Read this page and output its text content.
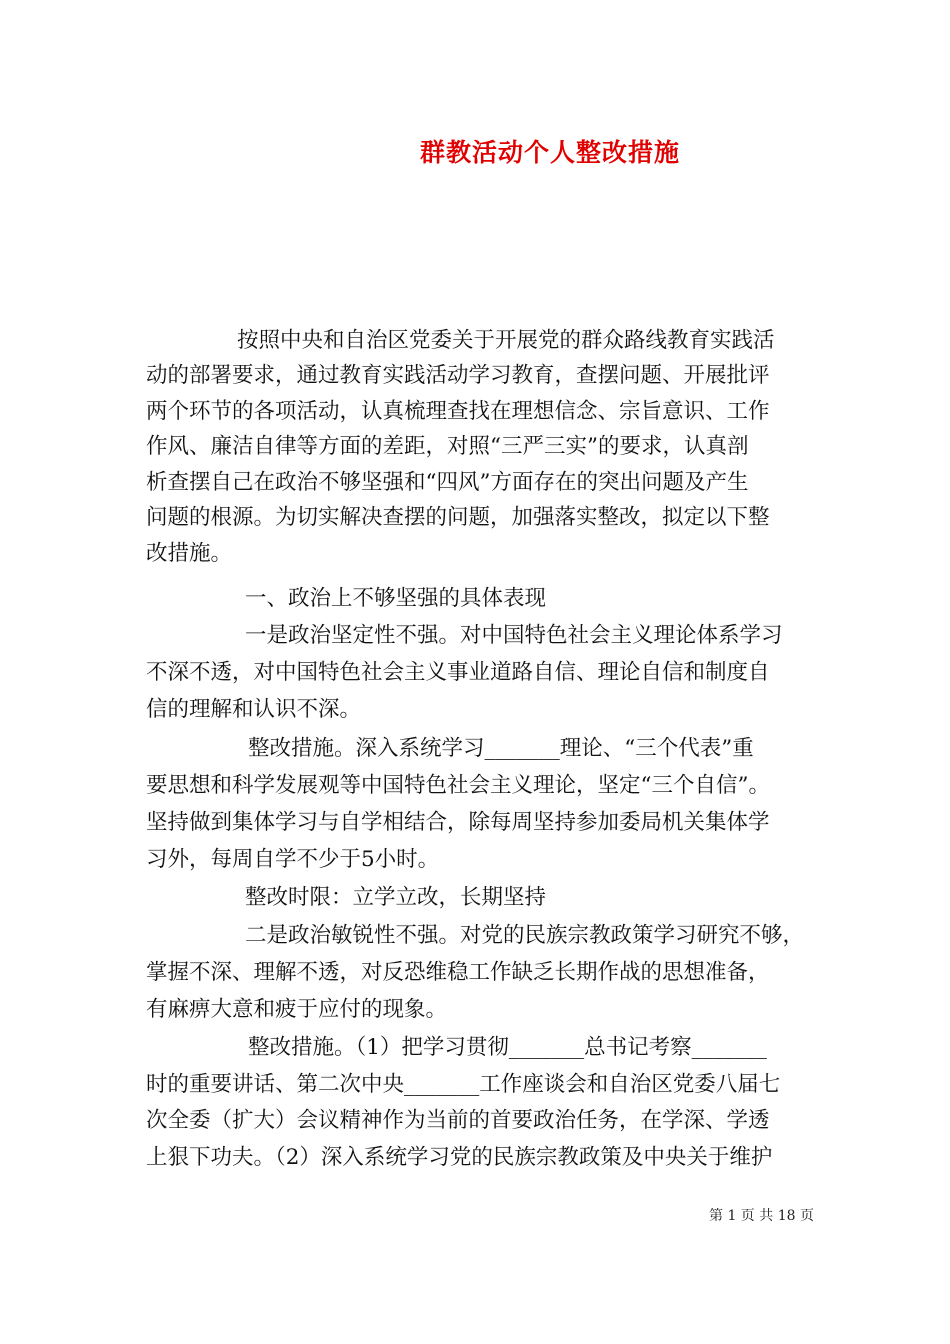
群教活动个人整改措施
按照中央和自治区党委关于开展党的群众路线教育实践活
动的部署要求，通过教育实践活动学习教育，查摆问题、开展批评
两个环节的各项活动，认真梳理查找在理想信念、宗旨意识、工作
作风、廉洁自律等方面的差距，对照“三严三实”的要求，认真剖
析查摆自己在政治不够坚强和“四风”方面存在的突出问题及产生
问题的根源。为切实解决查摆的问题，加强落实整改，拟定以下整
改措施。
一、政治上不够坚强的具体表现
一是政治坚定性不强。对中国特色社会主义理论体系学习
不深不透，对中国特色社会主义事业道路自信、理论自信和制度自
信的理解和认识不深。
整改措施。深入系统学习_______理论、“三个代表”重
要思想和科学发展观等中国特色社会主义理论，坚定“三个自信”。
坚持做到集体学习与自学相结合，除每周坚持参加委局机关集体学
习外，每周自学不少于5小时。
整改时限：立学立改，长期坚持
二是政治敏锐性不强。对党的民族宗教政策学习研究不够，
掌握不深、理解不透，对反恐维稳工作缺乏长期作战的思想准备，
有麻痹大意和疲于应付的现象。
整改措施。（1）把学习贯彻_______总书记考察_______
时的重要讲话、第二次中央_______工作座谈会和自治区党委八届七
次全委（扩大）会议精神作为当前的首要政治任务，在学深、学透
上狠下功夫。（2）深入系统学习党的民族宗教政策及中央关于维护
第 1 页 共 18 页
